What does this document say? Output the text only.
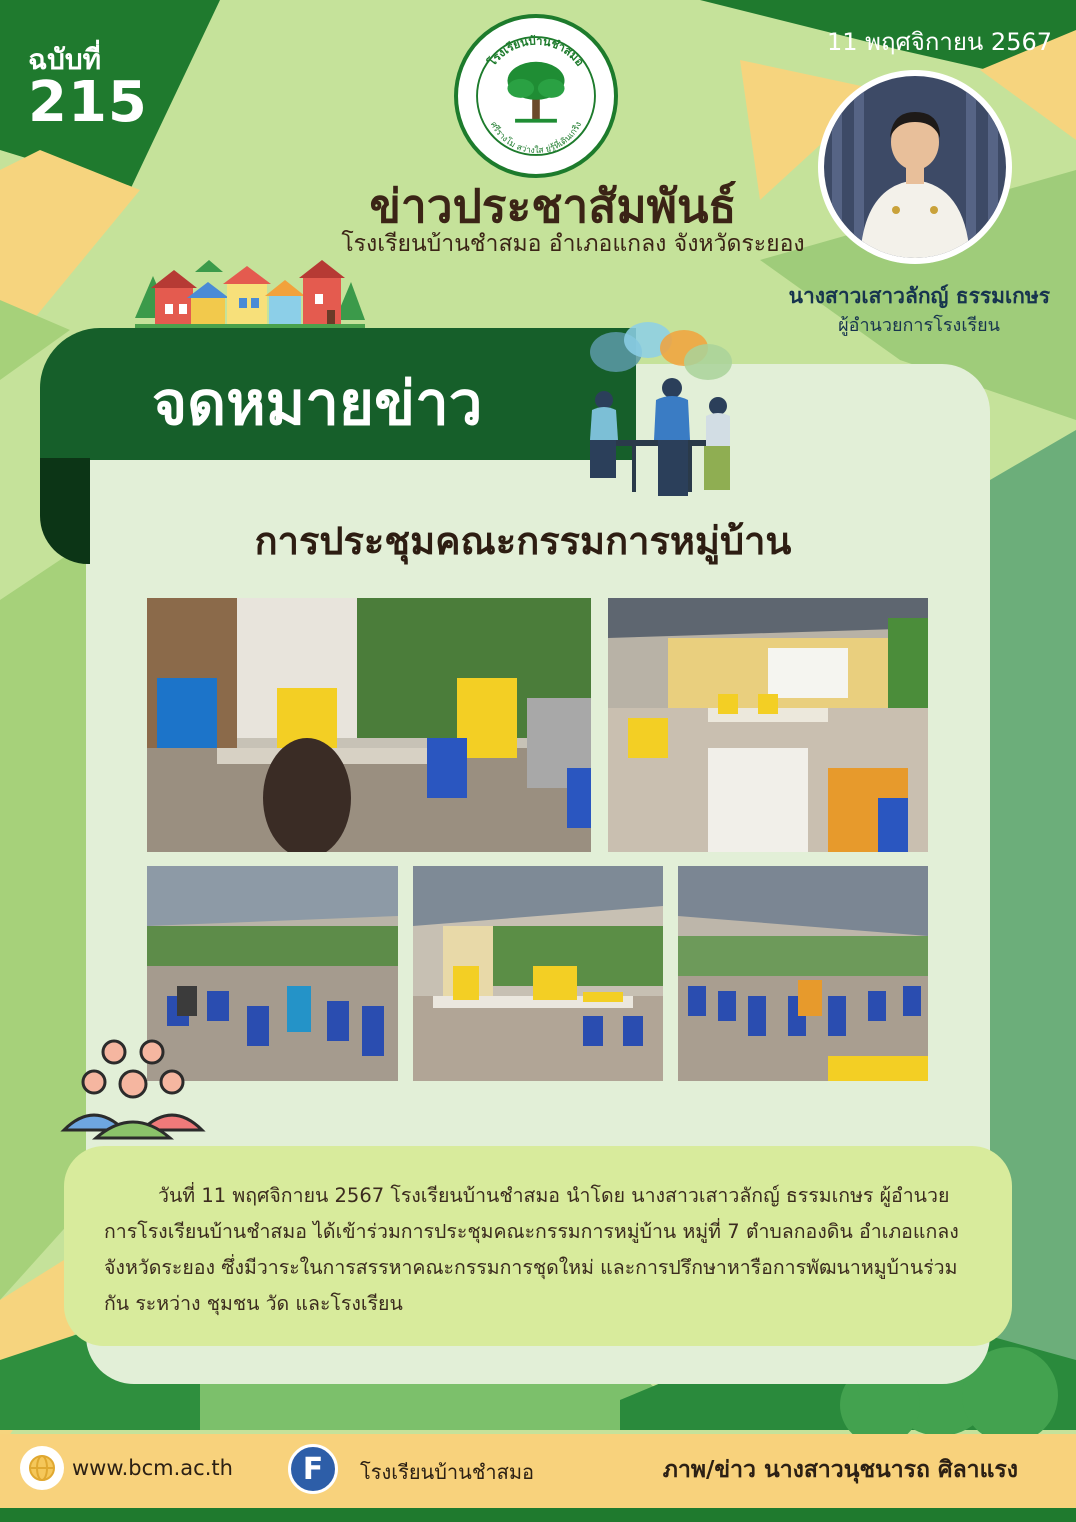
ฉบับที่
215
11 พฤศจิกายน 2567
โรงเรียนบ้านชำสมอ
ศรีรางโม สว่างใส ยู่รู้ที่เดินเกริง
ข่าวประชาสัมพันธ์
โรงเรียนบ้านชำสมอ อำเภอแกลง จังหวัดระยอง
นางสาวเสาวลักญ์ ธรรมเกษร
ผู้อำนวยการโรงเรียน
จดหมายข่าว
การประชุมคณะกรรมการหมู่บ้าน

วันที่ 11 พฤศจิกายน 2567 โรงเรียนบ้านชำสมอ นำโดย นางสาวเสาวลักญ์ ธรรมเกษร ผู้อำนวยการโรงเรียนบ้านชำสมอ ได้เข้าร่วมการประชุมคณะกรรมการหมู่บ้าน หมู่ที่ 7 ตำบลกองดิน อำเภอแกลง จังหวัดระยอง ซึ่งมีวาระในการสรรหาคณะกรรมการชุดใหม่ และการปรึกษาหารือการพัฒนาหมูบ้านร่วมกัน ระหว่าง ชุมชน วัด และโรงเรียน

www.bcm.ac.th	F	โรงเรียนบ้านชำสมอ	ภาพ/ข่าว นางสาวนุชนารถ ศิลาแรง
